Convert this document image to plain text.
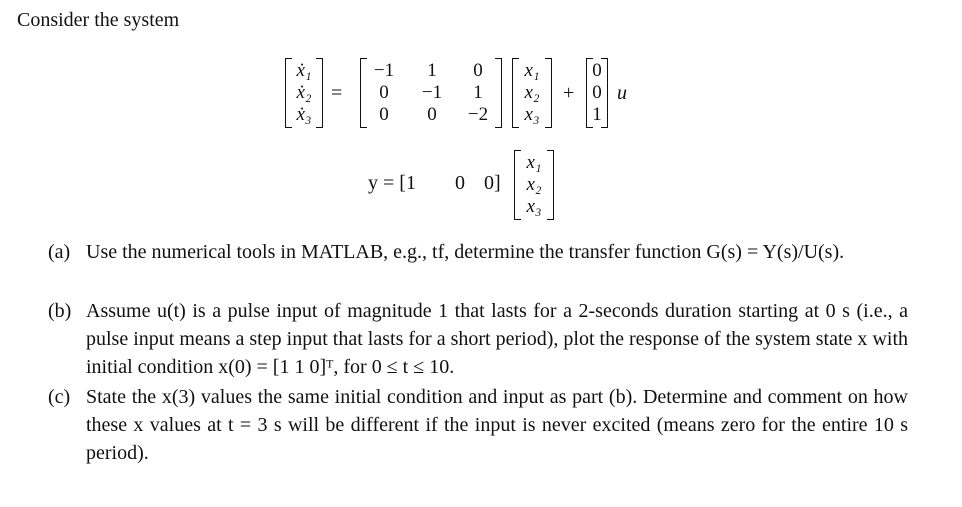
Consider the system
ẋ₁
ẋ₂
ẋ₃
=
−1	1	0
0	−1	1
0	0	−2
x₁
x₂
x₃
+
0
0
1
u
y = [1 0 0]
x₁
x₂
x₃
(a) Use the numerical tools in MATLAB, e.g., tf, determine the transfer function G(s) = Y(s)/U(s).
(b) Assume u(t) is a pulse input of magnitude 1 that lasts for a 2-seconds duration starting at 0 s (i.e., a pulse input means a step input that lasts for a short period), plot the response of the system state x with initial condition x(0) = [1 1 0]ᵀ, for 0 ≤ t ≤ 10.
(c) State the x(3) values the same initial condition and input as part (b). Determine and comment on how these x values at t = 3 s will be different if the input is never excited (means zero for the entire 10 s period).
